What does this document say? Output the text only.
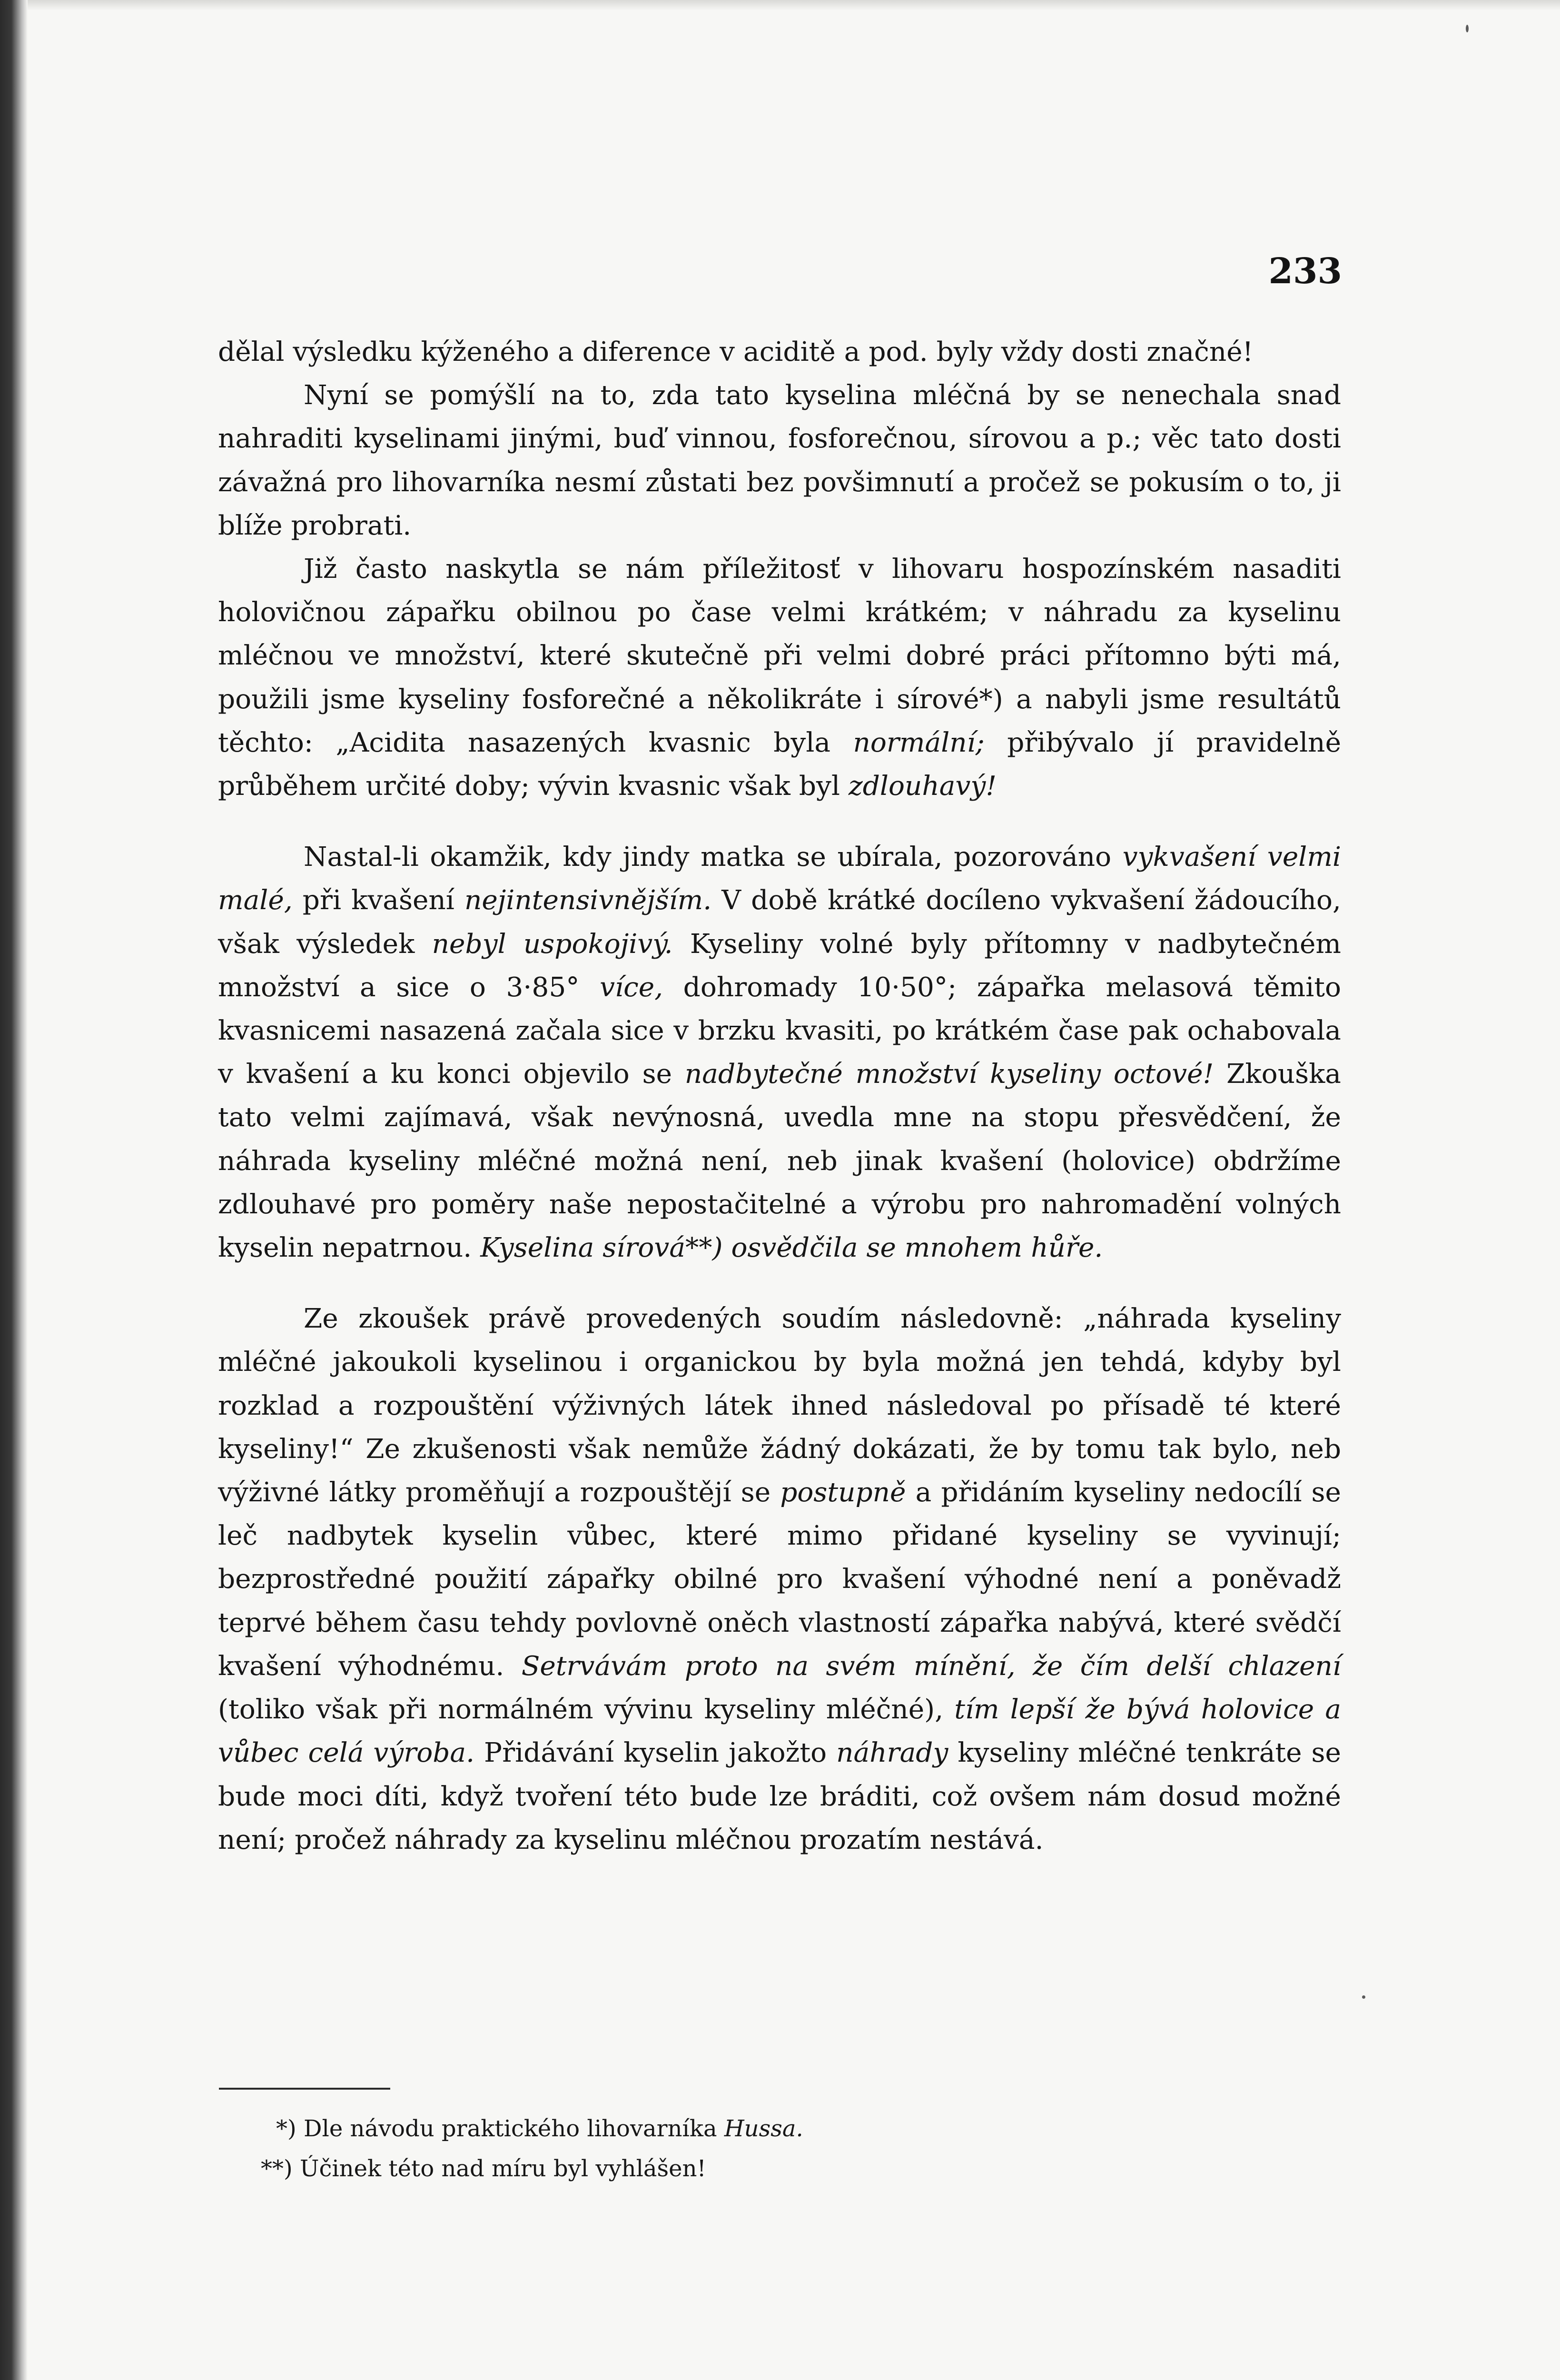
233

dělal výsledku kýženého a diference v aciditě a pod. byly vždy dosti značné!

Nyní se pomýšlí na to, zda tato kyselina mléčná by se nenechala snad nahraditi kyselinami jinými, buď vinnou, fosforečnou, sírovou a p.; věc tato dosti závažná pro lihovarníka nesmí zůstati bez povšimnutí a pročež se pokusím o to, ji blíže probrati.

Již často naskytla se nám příležitosť v lihovaru hospozínském nasaditi holovičnou zápařku obilnou po čase velmi krátkém; v náhradu za kyselinu mléčnou ve množství, které skutečně při velmi dobré práci přítomno býti má, použili jsme kyseliny fosforečné a několikráte i sírové*) a nabyli jsme resultátů těchto: „Acidita nasazených kvasnic byla normální; přibývalo jí pravidelně průběhem určité doby; vývin kvasnic však byl zdlouhavý!

Nastal-li okamžik, kdy jindy matka se ubírala, pozorováno vykvašení velmi malé, při kvašení nejintensivnějším. V době krátké docíleno vykvašení žádoucího, však výsledek nebyl uspokojivý. Kyseliny volné byly přítomny v nadbytečném množství a sice o 3·85° více, dohromady 10·50°; zápařka melasová těmito kvasnicemi nasazená začala sice v brzku kvasiti, po krátkém čase pak ochabovala v kvašení a ku konci objevilo se nadbytečné množství kyseliny octové! Zkouška tato velmi zajímavá, však nevýnosná, uvedla mne na stopu přesvědčení, že náhrada kyseliny mléčné možná není, neb jinak kvašení (holovice) obdržíme zdlouhavé pro poměry naše nepostačitelné a výrobu pro nahromadění volných kyselin nepatrnou. Kyselina sírová**) osvědčila se mnohem hůře.

Ze zkoušek právě provedených soudím následovně: „náhrada kyseliny mléčné jakoukoli kyselinou i organickou by byla možná jen tehdá, kdyby byl rozklad a rozpouštění výživných látek ihned následoval po přísadě té které kyseliny!“ Ze zkušenosti však nemůže žádný dokázati, že by tomu tak bylo, neb výživné látky proměňují a rozpouštějí se postupně a přidáním kyseliny nedocílí se leč nadbytek kyselin vůbec, které mimo přidané kyseliny se vyvinují; bezprostředné použití zápařky obilné pro kvašení výhodné není a poněvadž teprvé během času tehdy povlovně oněch vlastností zápařka nabývá, které svědčí kvašení výhodnému. Setrvávám proto na svém mínění, že čím delší chlazení (toliko však při normálném vývinu kyseliny mléčné), tím lepší že bývá holovice a vůbec celá výroba. Přidávání kyselin jakožto náhrady kyseliny mléčné tenkráte se bude moci díti, když tvoření této bude lze bráditi, což ovšem nám dosud možné není; pročež náhrady za kyselinu mléčnou prozatím nestává.

*) Dle návodu praktického lihovarníka Hussa.

**) Účinek této nad míru byl vyhlášen!
